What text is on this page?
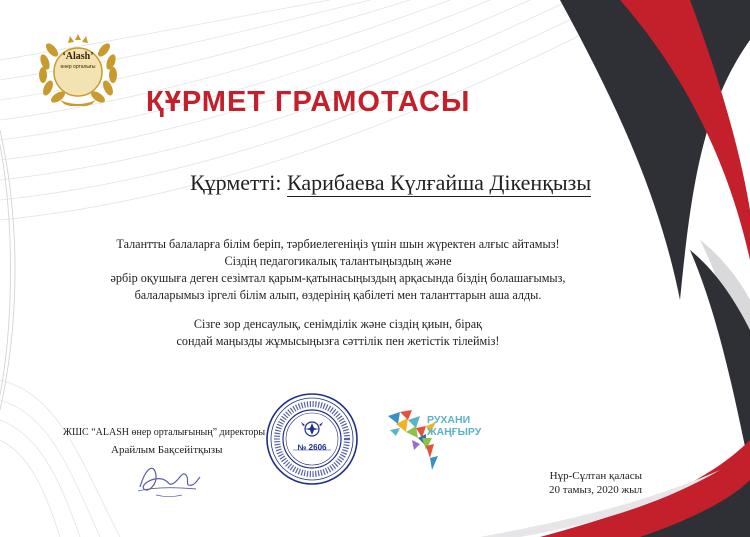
‘Alash’
өнер орталығы
ҚҰРМЕТ ГРАМОТАСЫ
Құрметті: Карибаева Күлғайша Дікенқызы
Талантты балаларға білім беріп, тәрбиелегеніңіз үшін шын жүректен алғыс айтамыз!
Сіздің педагогикалық талантыңыздың және
әрбір оқушыға деген сезімтал қарым-қатынасыңыздың арқасында біздің болашағымыз,
балаларымыз іргелі білім алып, өздерінің қабілеті мен таланттарын аша алды.
Сізге зор денсаулық, сенімділік және сіздің қиын, бірақ
сондай маңызды жұмысыңызға сәттілік пен жетістік тілейміз!
ЖШС “ALASH өнер орталығының” директоры
Арайлым Бақсейітқызы	№ 2606
РУХАНИ
ЖАҢҒЫРУ
Нұр-Сұлтан қаласы
20 тамыз, 2020 жыл
